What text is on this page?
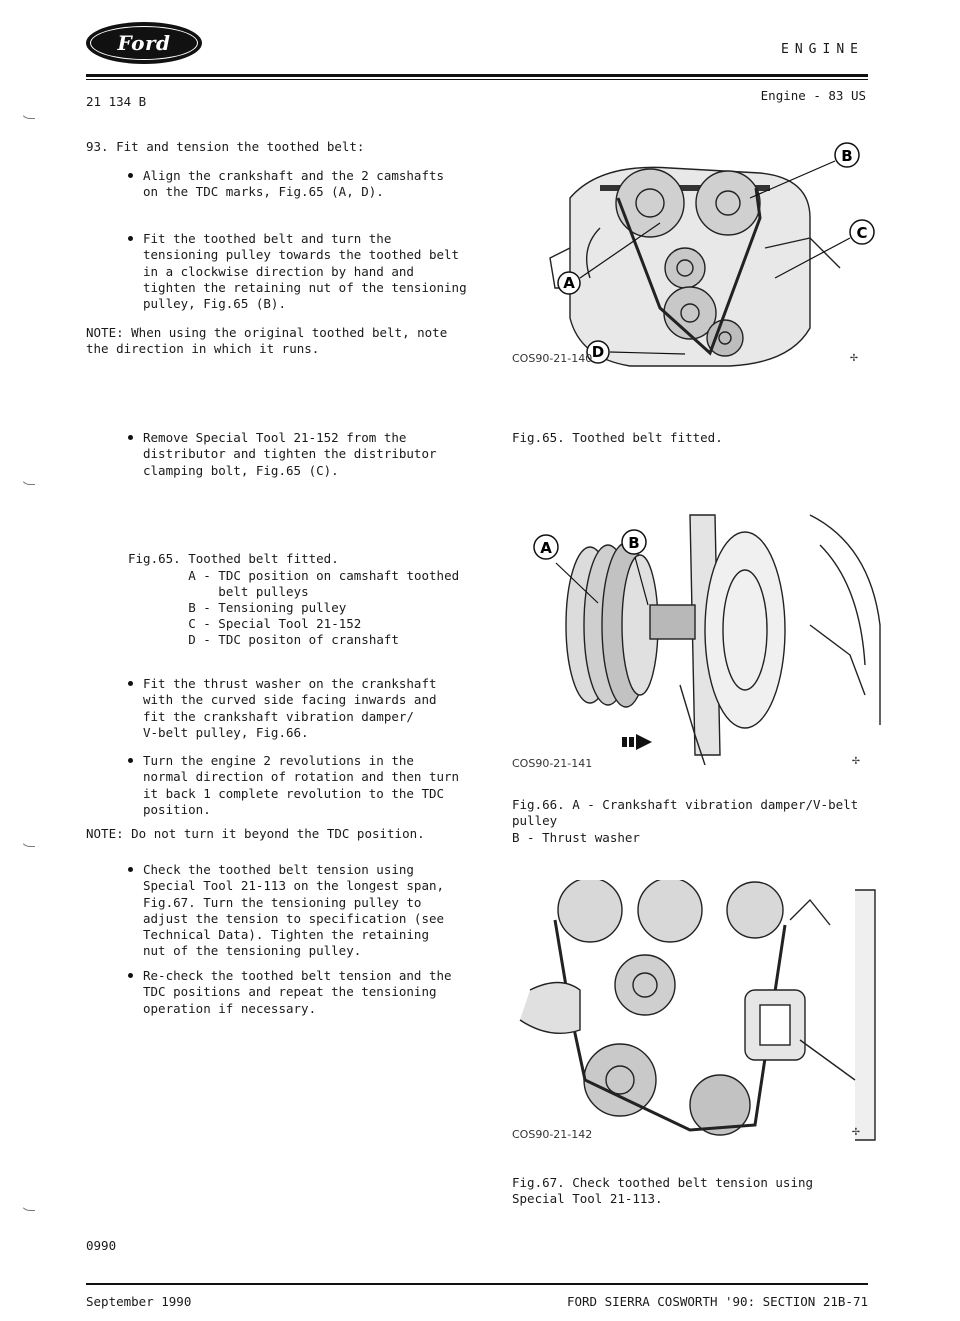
Ford	ENGINE
21 134 B	Engine - 83 US
93. Fit and tension the toothed belt:
Align the crankshaft and the 2 camshafts
on the TDC marks, Fig.65 (A, D).
Fit the toothed belt and turn the
tensioning pulley towards the toothed belt
in a clockwise direction by hand and
tighten the retaining nut of the tensioning
pulley, Fig.65 (B).
NOTE: When using the original toothed belt, note
the direction in which it runs.
Remove Special Tool 21-152 from the
distributor and tighten the distributor
clamping bolt, Fig.65 (C).
Fig.65. Toothed belt fitted.
A - TDC position on camshaft toothed
belt pulleys
B - Tensioning pulley
C - Special Tool 21-152
D - TDC positon of cranshaft
Fit the thrust washer on the crankshaft
with the curved side facing inwards and
fit the crankshaft vibration damper/
V-belt pulley, Fig.66.
Turn the engine 2 revolutions in the
normal direction of rotation and then turn
it back 1 complete revolution to the TDC
position.
NOTE: Do not turn it beyond the TDC position.
Check the toothed belt tension using
Special Tool 21-113 on the longest span,
Fig.67. Turn the tensioning pulley to
adjust the tension to specification (see
Technical Data). Tighten the retaining
nut of the tensioning pulley.
Re-check the toothed belt tension and the
TDC positions and repeat the tensioning
operation if necessary.
A
B
C
D
COS90-21-140	✢
Fig.65. Toothed belt fitted.
A	B
COS90-21-141	✢
Fig.66. A - Crankshaft vibration damper/V-belt
pulley
B - Thrust washer
COS90-21-142	✢
Fig.67. Check toothed belt tension using
Special Tool 21-113.
0990
September 1990	FORD SIERRA COSWORTH '90: SECTION 21B-71
